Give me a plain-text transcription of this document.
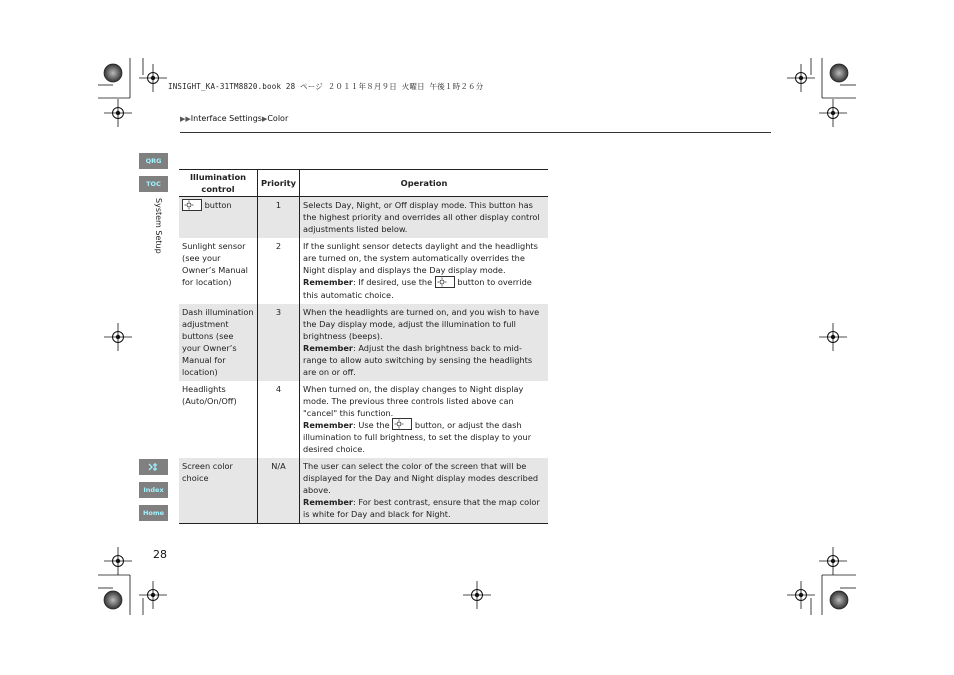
INSIGHT_KA-31TM8820.book 28 ページ ２０１１年８月９日 火曜日 午後１時２６分
▶▶Interface Settings▶Color
QRG
TOC
System Setup
Index
Home
28
Illumination control	Priority	Operation

button	1	Selects Day, Night, or Off display mode. This button has the highest priority and overrides all other display control adjustments listed below.
Sunlight sensor (see your Owner’s Manual for location)	2	If the sunlight sensor detects daylight and the headlights are turned on, the system automatically overrides the Night display and displays the Day display mode.
Remember: If desired, use the button to override this automatic choice.
Dash illumination adjustment buttons (see your Owner’s Manual for location)	3	When the headlights are turned on, and you wish to have the Day display mode, adjust the illumination to full brightness (beeps).
Remember: Adjust the dash brightness back to mid-range to allow auto switching by sensing the headlights are on or off.
Headlights (Auto/On/Off)	4	When turned on, the display changes to Night display mode. The previous three controls listed above can "cancel" this function.
Remember: Use the button, or adjust the dash illumination to full brightness, to set the display to your desired choice.
Screen color choice	N/A	The user can select the color of the screen that will be displayed for the Day and Night display modes described above.
Remember: For best contrast, ensure that the map color is white for Day and black for Night.
